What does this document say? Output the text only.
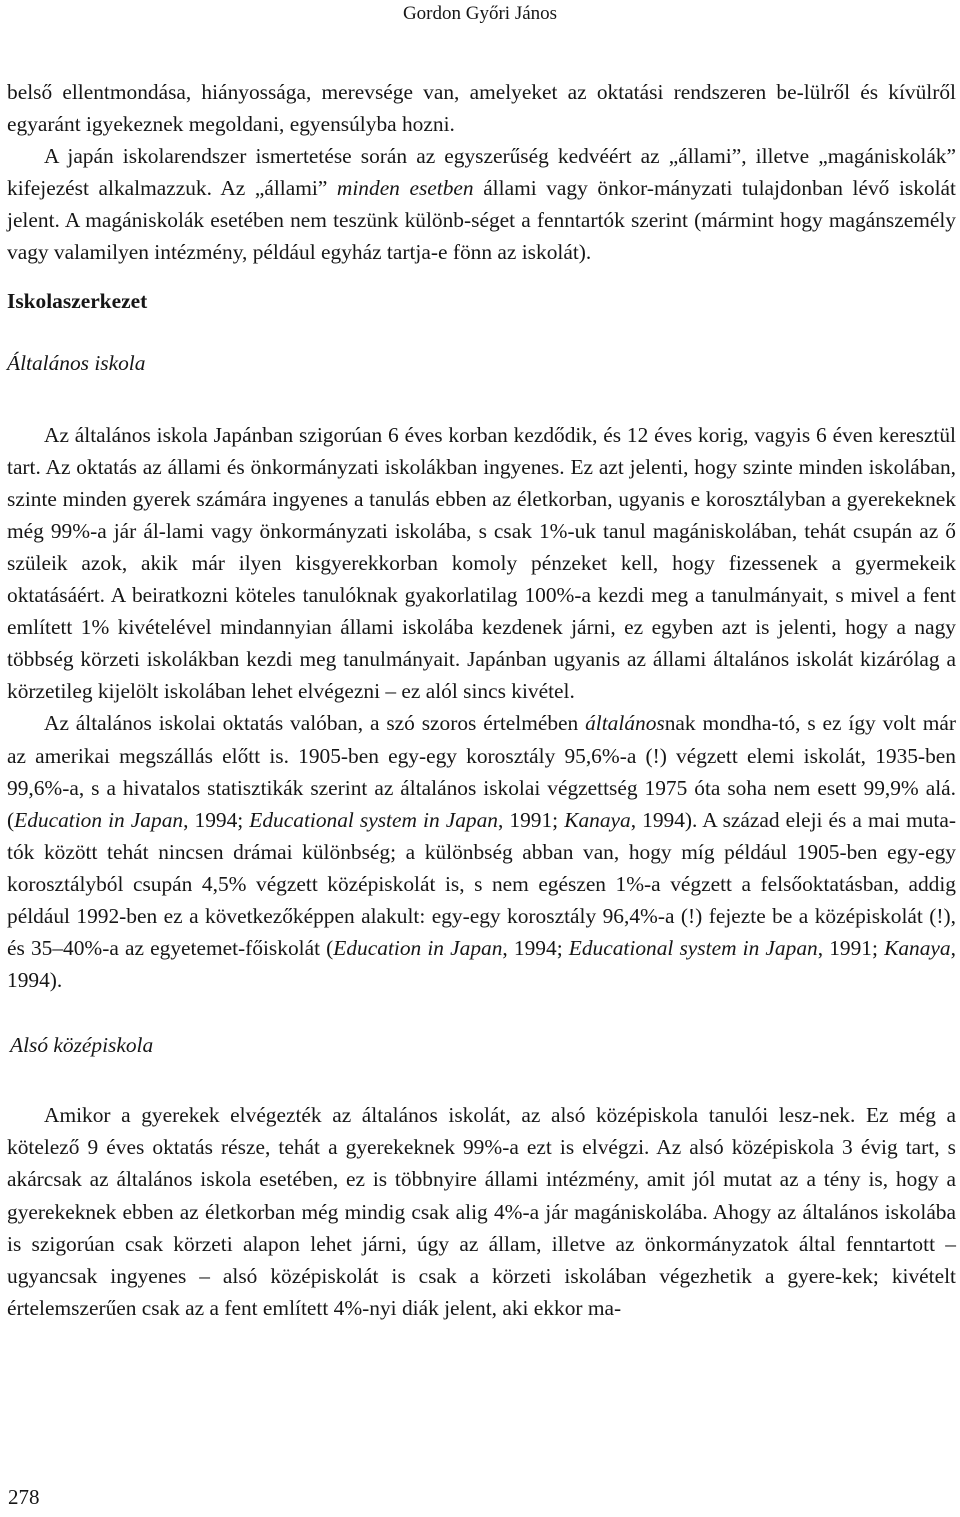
Gordon Győri János

belső ellentmondása, hiányossága, merevsége van, amelyeket az oktatási rendszeren be-lülről és kívülről egyaránt igyekeznek megoldani, egyensúlyba hozni.

A japán iskolarendszer ismertetése során az egyszerűség kedvéért az „állami”, illetve „magániskolák” kifejezést alkalmazzuk. Az „állami” minden esetben állami vagy önkor-mányzati tulajdonban lévő iskolát jelent. A magániskolák esetében nem teszünk különb-séget a fenntartók szerint (mármint hogy magánszemély vagy valamilyen intézmény, például egyház tartja-e fönn az iskolát).

Iskolaszerkezet
Általános iskola

Az általános iskola Japánban szigorúan 6 éves korban kezdődik, és 12 éves korig, vagyis 6 éven keresztül tart. Az oktatás az állami és önkormányzati iskolákban ingyenes. Ez azt jelenti, hogy szinte minden iskolában, szinte minden gyerek számára ingyenes a tanulás ebben az életkorban, ugyanis e korosztályban a gyerekeknek még 99%-a jár ál-lami vagy önkormányzati iskolába, s csak 1%-uk tanul magániskolában, tehát csupán az ő szüleik azok, akik már ilyen kisgyerekkorban komoly pénzeket kell, hogy fizessenek a gyermekeik oktatásáért. A beiratkozni köteles tanulóknak gyakorlatilag 100%-a kezdi meg a tanulmányait, s mivel a fent említett 1% kivételével mindannyian állami iskolába kezdenek járni, ez egyben azt is jelenti, hogy a nagy többség körzeti iskolákban kezdi meg tanulmányait. Japánban ugyanis az állami általános iskolát kizárólag a körzetileg kijelölt iskolában lehet elvégezni – ez alól sincs kivétel.

Az általános iskolai oktatás valóban, a szó szoros értelmében általánosnak mondha-tó, s ez így volt már az amerikai megszállás előtt is. 1905-ben egy-egy korosztály 95,6%-a (!) végzett elemi iskolát, 1935-ben 99,6%-a, s a hivatalos statisztikák szerint az általános iskolai végzettség 1975 óta soha nem esett 99,9% alá. (Education in Japan, 1994; Educational system in Japan, 1991; Kanaya, 1994). A század eleji és a mai mutа-tók között tehát nincsen drámai különbség; a különbség abban van, hogy míg például 1905-ben egy-egy korosztályból csupán 4,5% végzett középiskolát is, s nem egészen 1%-a végzett a felsőoktatásban, addig például 1992-ben ez a következőképpen alakult: egy-egy korosztály 96,4%-a (!) fejezte be a középiskolát (!), és 35–40%-a az egyetemet-főiskolát (Education in Japan, 1994; Educational system in Japan, 1991; Kanaya, 1994).

Alsó középiskola

Amikor a gyerekek elvégezték az általános iskolát, az alsó középiskola tanulói lesz-nek. Ez még a kötelező 9 éves oktatás része, tehát a gyerekeknek 99%-a ezt is elvégzi. Az alsó középiskola 3 évig tart, s akárcsak az általános iskola esetében, ez is többnyire állami intézmény, amit jól mutat az a tény is, hogy a gyerekeknek ebben az életkorban még mindig csak alig 4%-a jár magániskolába. Ahogy az általános iskolába is szigorúan csak körzeti alapon lehet járni, úgy az állam, illetve az önkormányzatok által fenntartott – ugyancsak ingyenes – alsó középiskolát is csak a körzeti iskolában végezhetik a gyere-kek; kivételt értelemszerűen csak az a fent említett 4%-nyi diák jelent, aki ekkor ma-

278
